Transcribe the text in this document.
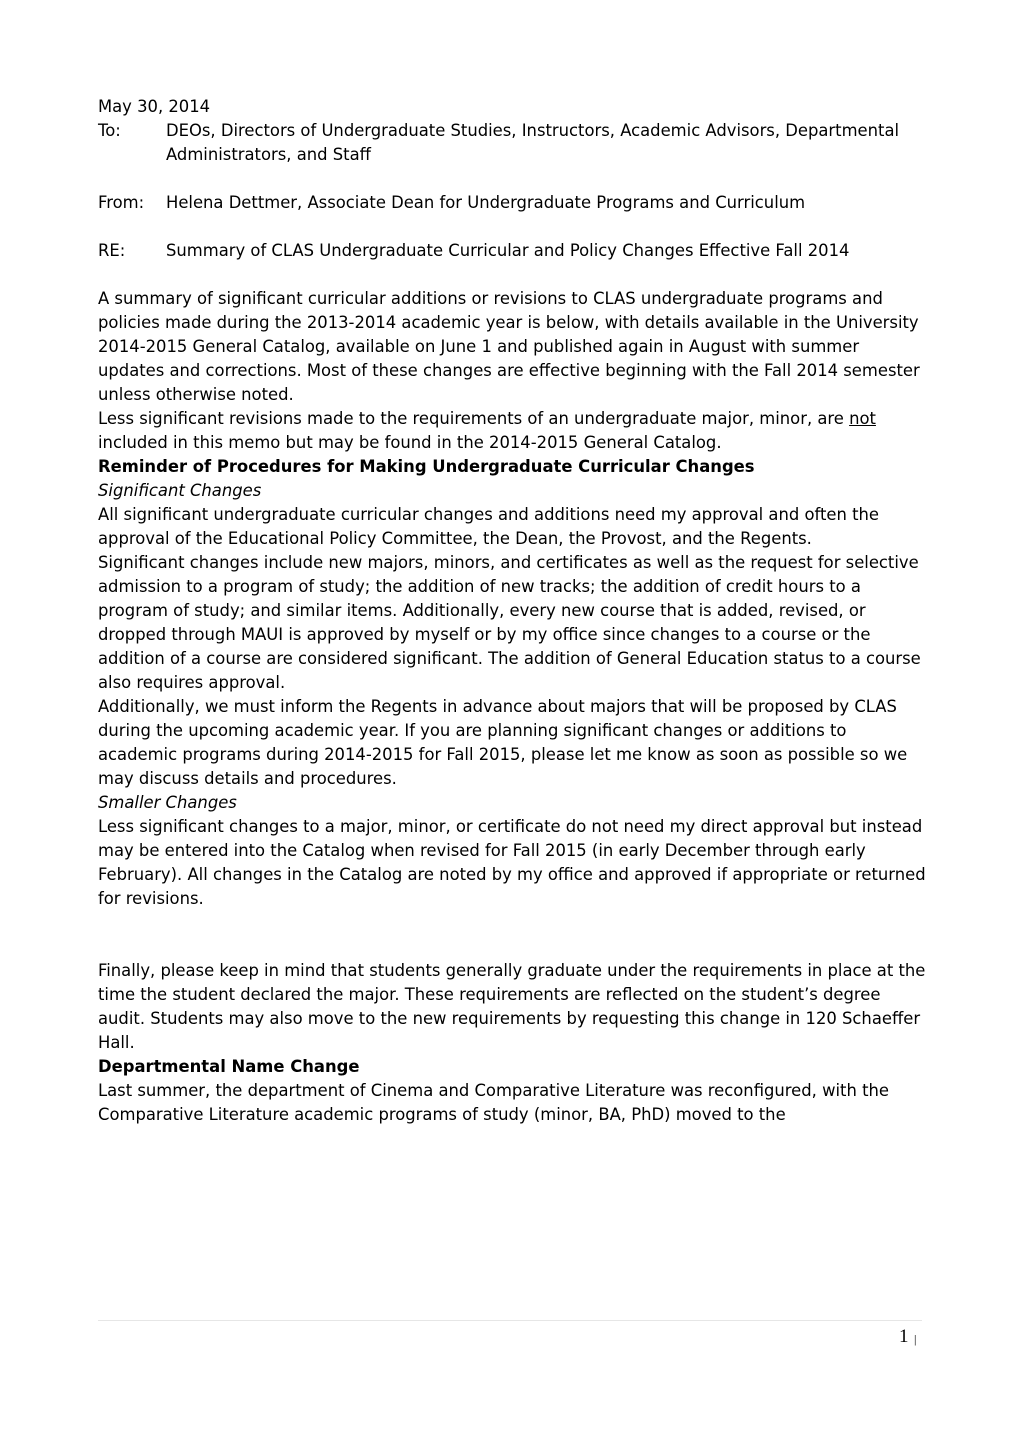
May 30, 2014

To:	DEOs, Directors of Undergraduate Studies, Instructors, Academic Advisors, Departmental Administrators, and Staff
From:	Helena Dettmer, Associate Dean for Undergraduate Programs and Curriculum
RE:	Summary of CLAS Undergraduate Curricular and Policy Changes Effective Fall 2014

A summary of significant curricular additions or revisions to CLAS undergraduate programs and policies made during the 2013-2014 academic year is below, with details available in the University 2014-2015 General Catalog, available on June 1 and published again in August with summer updates and corrections. Most of these changes are effective beginning with the Fall 2014 semester unless otherwise noted.

Less significant revisions made to the requirements of an undergraduate major, minor, are not included in this memo but may be found in the 2014-2015 General Catalog.

Reminder of Procedures for Making Undergraduate Curricular Changes

Significant Changes

All significant undergraduate curricular changes and additions need my approval and often the approval of the Educational Policy Committee, the Dean, the Provost, and the Regents.

Significant changes include new majors, minors, and certificates as well as the request for selective admission to a program of study; the addition of new tracks; the addition of credit hours to a program of study; and similar items. Additionally, every new course that is added, revised, or dropped through MAUI is approved by myself or by my office since changes to a course or the addition of a course are considered significant. The addition of General Education status to a course also requires approval.

Additionally, we must inform the Regents in advance about majors that will be proposed by CLAS during the upcoming academic year. If you are planning significant changes or additions to academic programs during 2014-2015 for Fall 2015, please let me know as soon as possible so we may discuss details and procedures.

Smaller Changes

Less significant changes to a major, minor, or certificate do not need my direct approval but instead may be entered into the Catalog when revised for Fall 2015 (in early December through early February). All changes in the Catalog are noted by my office and approved if appropriate or returned for revisions.

Finally, please keep in mind that students generally graduate under the requirements in place at the time the student declared the major. These requirements are reflected on the student’s degree audit. Students may also move to the new requirements by requesting this change in 120 Schaeffer Hall.

Departmental Name Change

Last summer, the department of Cinema and Comparative Literature was reconfigured, with the Comparative Literature academic programs of study (minor, BA, PhD) moved to the

1 |
